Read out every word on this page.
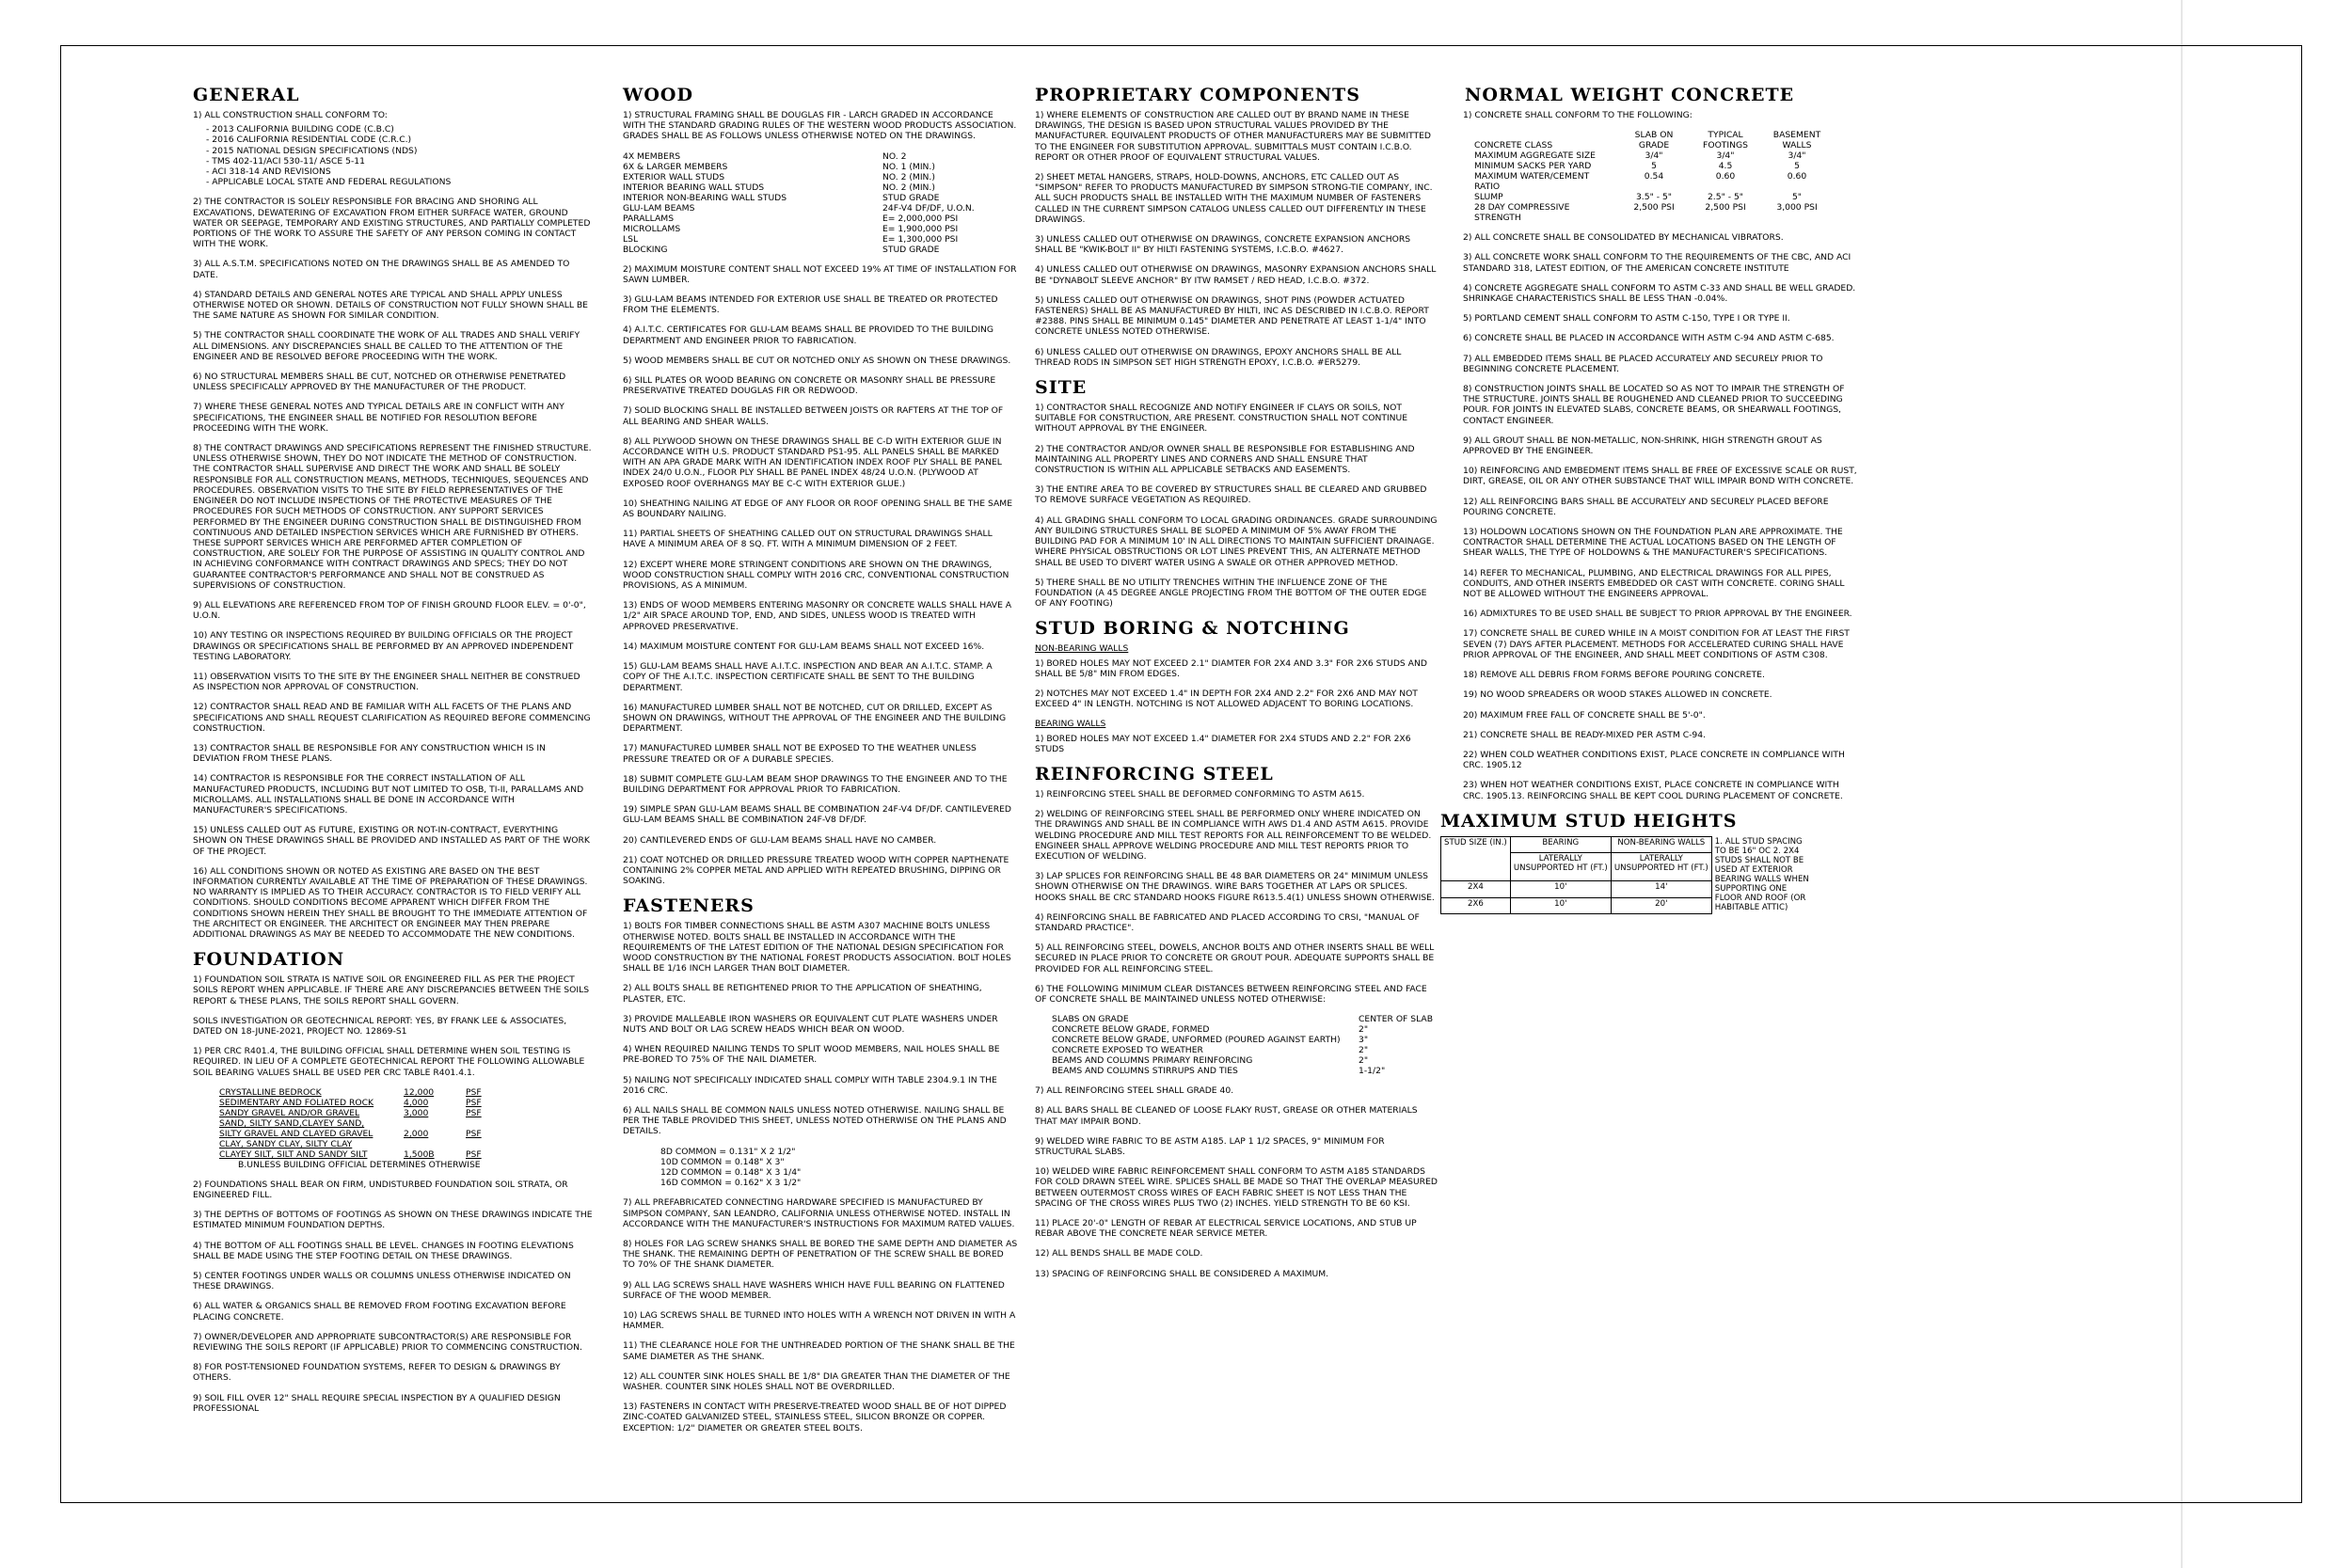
GENERAL

1) ALL CONSTRUCTION SHALL CONFORM TO:

- 2013 CALIFORNIA BUILDING CODE (C.B.C)
- 2016 CALIFORNIA RESIDENTIAL CODE (C.R.C.)
- 2015 NATIONAL DESIGN SPECIFICATIONS (NDS)
- TMS 402-11/ACI 530-11/ ASCE 5-11
- ACI 318-14 AND REVISIONS
- APPLICABLE LOCAL STATE AND FEDERAL REGULATIONS

2) THE CONTRACTOR IS SOLELY RESPONSIBLE FOR BRACING AND SHORING ALL EXCAVATIONS, DEWATERING OF EXCAVATION FROM EITHER SURFACE WATER, GROUND WATER OR SEEPAGE, TEMPORARY AND EXISTING STRUCTURES, AND PARTIALLY COMPLETED PORTIONS OF THE WORK TO ASSURE THE SAFETY OF ANY PERSON COMING IN CONTACT WITH THE WORK.

3) ALL A.S.T.M. SPECIFICATIONS NOTED ON THE DRAWINGS SHALL BE AS AMENDED TO DATE.

4) STANDARD DETAILS AND GENERAL NOTES ARE TYPICAL AND SHALL APPLY UNLESS OTHERWISE NOTED OR SHOWN. DETAILS OF CONSTRUCTION NOT FULLY SHOWN SHALL BE THE SAME NATURE AS SHOWN FOR SIMILAR CONDITION.

5) THE CONTRACTOR SHALL COORDINATE THE WORK OF ALL TRADES AND SHALL VERIFY ALL DIMENSIONS. ANY DISCREPANCIES SHALL BE CALLED TO THE ATTENTION OF THE ENGINEER AND BE RESOLVED BEFORE PROCEEDING WITH THE WORK.

6) NO STRUCTURAL MEMBERS SHALL BE CUT, NOTCHED OR OTHERWISE PENETRATED UNLESS SPECIFICALLY APPROVED BY THE MANUFACTURER OF THE PRODUCT.

7) WHERE THESE GENERAL NOTES AND TYPICAL DETAILS ARE IN CONFLICT WITH ANY SPECIFICATIONS, THE ENGINEER SHALL BE NOTIFIED FOR RESOLUTION BEFORE PROCEEDING WITH THE WORK.

8) THE CONTRACT DRAWINGS AND SPECIFICATIONS REPRESENT THE FINISHED STRUCTURE. UNLESS OTHERWISE SHOWN, THEY DO NOT INDICATE THE METHOD OF CONSTRUCTION. THE CONTRACTOR SHALL SUPERVISE AND DIRECT THE WORK AND SHALL BE SOLELY RESPONSIBLE FOR ALL CONSTRUCTION MEANS, METHODS, TECHNIQUES, SEQUENCES AND PROCEDURES. OBSERVATION VISITS TO THE SITE BY FIELD REPRESENTATIVES OF THE ENGINEER DO NOT INCLUDE INSPECTIONS OF THE PROTECTIVE MEASURES OF THE PROCEDURES FOR SUCH METHODS OF CONSTRUCTION. ANY SUPPORT SERVICES PERFORMED BY THE ENGINEER DURING CONSTRUCTION SHALL BE DISTINGUISHED FROM CONTINUOUS AND DETAILED INSPECTION SERVICES WHICH ARE FURNISHED BY OTHERS. THESE SUPPORT SERVICES WHICH ARE PERFORMED AFTER COMPLETION OF CONSTRUCTION, ARE SOLELY FOR THE PURPOSE OF ASSISTING IN QUALITY CONTROL AND IN ACHIEVING CONFORMANCE WITH CONTRACT DRAWINGS AND SPECS; THEY DO NOT GUARANTEE CONTRACTOR'S PERFORMANCE AND SHALL NOT BE CONSTRUED AS SUPERVISIONS OF CONSTRUCTION.

9) ALL ELEVATIONS ARE REFERENCED FROM TOP OF FINISH GROUND FLOOR ELEV. = 0'-0", U.O.N.

10) ANY TESTING OR INSPECTIONS REQUIRED BY BUILDING OFFICIALS OR THE PROJECT DRAWINGS OR SPECIFICATIONS SHALL BE PERFORMED BY AN APPROVED INDEPENDENT TESTING LABORATORY.

11) OBSERVATION VISITS TO THE SITE BY THE ENGINEER SHALL NEITHER BE CONSTRUED AS INSPECTION NOR APPROVAL OF CONSTRUCTION.

12) CONTRACTOR SHALL READ AND BE FAMILIAR WITH ALL FACETS OF THE PLANS AND SPECIFICATIONS AND SHALL REQUEST CLARIFICATION AS REQUIRED BEFORE COMMENCING CONSTRUCTION.

13) CONTRACTOR SHALL BE RESPONSIBLE FOR ANY CONSTRUCTION WHICH IS IN DEVIATION FROM THESE PLANS.

14) CONTRACTOR IS RESPONSIBLE FOR THE CORRECT INSTALLATION OF ALL MANUFACTURED PRODUCTS, INCLUDING BUT NOT LIMITED TO OSB, TI-II, PARALLAMS AND MICROLLAMS. ALL INSTALLATIONS SHALL BE DONE IN ACCORDANCE WITH MANUFACTURER'S SPECIFICATIONS.

15) UNLESS CALLED OUT AS FUTURE, EXISTING OR NOT-IN-CONTRACT, EVERYTHING SHOWN ON THESE DRAWINGS SHALL BE PROVIDED AND INSTALLED AS PART OF THE WORK OF THE PROJECT.

16) ALL CONDITIONS SHOWN OR NOTED AS EXISTING ARE BASED ON THE BEST INFORMATION CURRENTLY AVAILABLE AT THE TIME OF PREPARATION OF THESE DRAWINGS. NO WARRANTY IS IMPLIED AS TO THEIR ACCURACY. CONTRACTOR IS TO FIELD VERIFY ALL CONDITIONS. SHOULD CONDITIONS BECOME APPARENT WHICH DIFFER FROM THE CONDITIONS SHOWN HEREIN THEY SHALL BE BROUGHT TO THE IMMEDIATE ATTENTION OF THE ARCHITECT OR ENGINEER. THE ARCHITECT OR ENGINEER MAY THEN PREPARE ADDITIONAL DRAWINGS AS MAY BE NEEDED TO ACCOMMODATE THE NEW CONDITIONS.

FOUNDATION

1) FOUNDATION SOIL STRATA IS NATIVE SOIL OR ENGINEERED FILL AS PER THE PROJECT SOILS REPORT WHEN APPLICABLE. IF THERE ARE ANY DISCREPANCIES BETWEEN THE SOILS REPORT & THESE PLANS, THE SOILS REPORT SHALL GOVERN.

SOILS INVESTIGATION OR GEOTECHNICAL REPORT: YES, BY FRANK LEE & ASSOCIATES, DATED ON 18-JUNE-2021, PROJECT NO. 12869-S1

1) PER CRC R401.4, THE BUILDING OFFICIAL SHALL DETERMINE WHEN SOIL TESTING IS REQUIRED. IN LIEU OF A COMPLETE GEOTECHNICAL REPORT THE FOLLOWING ALLOWABLE SOIL BEARING VALUES SHALL BE USED PER CRC TABLE R401.4.1.

CRYSTALLINE BEDROCK	12,000	PSF
SEDIMENTARY AND FOLIATED ROCK	4,000	PSF
SANDY GRAVEL AND/OR GRAVEL	3,000	PSF
SAND, SILTY SAND,CLAYEY SAND,		
SILTY GRAVEL AND CLAYED GRAVEL	2,000	PSF
CLAY, SANDY CLAY, SILTY CLAY		
CLAYEY SILT, SILT AND SANDY SILT	1,500B	PSF
B.UNLESS BUILDING OFFICIAL DETERMINES OTHERWISE		

2) FOUNDATIONS SHALL BEAR ON FIRM, UNDISTURBED FOUNDATION SOIL STRATA, OR ENGINEERED FILL.

3) THE DEPTHS OF BOTTOMS OF FOOTINGS AS SHOWN ON THESE DRAWINGS INDICATE THE ESTIMATED MINIMUM FOUNDATION DEPTHS.

4) THE BOTTOM OF ALL FOOTINGS SHALL BE LEVEL. CHANGES IN FOOTING ELEVATIONS SHALL BE MADE USING THE STEP FOOTING DETAIL ON THESE DRAWINGS.

5) CENTER FOOTINGS UNDER WALLS OR COLUMNS UNLESS OTHERWISE INDICATED ON THESE DRAWINGS.

6) ALL WATER & ORGANICS SHALL BE REMOVED FROM FOOTING EXCAVATION BEFORE PLACING CONCRETE.

7) OWNER/DEVELOPER AND APPROPRIATE SUBCONTRACTOR(S) ARE RESPONSIBLE FOR REVIEWING THE SOILS REPORT (IF APPLICABLE) PRIOR TO COMMENCING CONSTRUCTION.

8) FOR POST-TENSIONED FOUNDATION SYSTEMS, REFER TO DESIGN & DRAWINGS BY OTHERS.

9) SOIL FILL OVER 12" SHALL REQUIRE SPECIAL INSPECTION BY A QUALIFIED DESIGN PROFESSIONAL

WOOD

1) STRUCTURAL FRAMING SHALL BE DOUGLAS FIR - LARCH GRADED IN ACCORDANCE WITH THE STANDARD GRADING RULES OF THE WESTERN WOOD PRODUCTS ASSOCIATION. GRADES SHALL BE AS FOLLOWS UNLESS OTHERWISE NOTED ON THE DRAWINGS.

4X MEMBERS	NO. 2
6X & LARGER MEMBERS	NO. 1 (MIN.)
EXTERIOR WALL STUDS	NO. 2 (MIN.)
INTERIOR BEARING WALL STUDS	NO. 2 (MIN.)
INTERIOR NON-BEARING WALL STUDS	STUD GRADE
GLU-LAM BEAMS	24F-V4 DF/DF, U.O.N.
PARALLAMS	E= 2,000,000 PSI
MICROLLAMS	E= 1,900,000 PSI
LSL	E= 1,300,000 PSI
BLOCKING	STUD GRADE

2) MAXIMUM MOISTURE CONTENT SHALL NOT EXCEED 19% AT TIME OF INSTALLATION FOR SAWN LUMBER.

3) GLU-LAM BEAMS INTENDED FOR EXTERIOR USE SHALL BE TREATED OR PROTECTED FROM THE ELEMENTS.

4) A.I.T.C. CERTIFICATES FOR GLU-LAM BEAMS SHALL BE PROVIDED TO THE BUILDING DEPARTMENT AND ENGINEER PRIOR TO FABRICATION.

5) WOOD MEMBERS SHALL BE CUT OR NOTCHED ONLY AS SHOWN ON THESE DRAWINGS.

6) SILL PLATES OR WOOD BEARING ON CONCRETE OR MASONRY SHALL BE PRESSURE PRESERVATIVE TREATED DOUGLAS FIR OR REDWOOD.

7) SOLID BLOCKING SHALL BE INSTALLED BETWEEN JOISTS OR RAFTERS AT THE TOP OF ALL BEARING AND SHEAR WALLS.

8) ALL PLYWOOD SHOWN ON THESE DRAWINGS SHALL BE C-D WITH EXTERIOR GLUE IN ACCORDANCE WITH U.S. PRODUCT STANDARD PS1-95. ALL PANELS SHALL BE MARKED WITH AN APA GRADE MARK WITH AN IDENTIFICATION INDEX ROOF PLY SHALL BE PANEL INDEX 24/0 U.O.N., FLOOR PLY SHALL BE PANEL INDEX 48/24 U.O.N. (PLYWOOD AT EXPOSED ROOF OVERHANGS MAY BE C-C WITH EXTERIOR GLUE.)

10) SHEATHING NAILING AT EDGE OF ANY FLOOR OR ROOF OPENING SHALL BE THE SAME AS BOUNDARY NAILING.

11) PARTIAL SHEETS OF SHEATHING CALLED OUT ON STRUCTURAL DRAWINGS SHALL HAVE A MINIMUM AREA OF 8 SQ. FT. WITH A MINIMUM DIMENSION OF 2 FEET.

12) EXCEPT WHERE MORE STRINGENT CONDITIONS ARE SHOWN ON THE DRAWINGS, WOOD CONSTRUCTION SHALL COMPLY WITH 2016 CRC, CONVENTIONAL CONSTRUCTION PROVISIONS, AS A MINIMUM.

13) ENDS OF WOOD MEMBERS ENTERING MASONRY OR CONCRETE WALLS SHALL HAVE A 1/2" AIR SPACE AROUND TOP, END, AND SIDES, UNLESS WOOD IS TREATED WITH APPROVED PRESERVATIVE.

14) MAXIMUM MOISTURE CONTENT FOR GLU-LAM BEAMS SHALL NOT EXCEED 16%.

15) GLU-LAM BEAMS SHALL HAVE A.I.T.C. INSPECTION AND BEAR AN A.I.T.C. STAMP. A COPY OF THE A.I.T.C. INSPECTION CERTIFICATE SHALL BE SENT TO THE BUILDING DEPARTMENT.

16) MANUFACTURED LUMBER SHALL NOT BE NOTCHED, CUT OR DRILLED, EXCEPT AS SHOWN ON DRAWINGS, WITHOUT THE APPROVAL OF THE ENGINEER AND THE BUILDING DEPARTMENT.

17) MANUFACTURED LUMBER SHALL NOT BE EXPOSED TO THE WEATHER UNLESS PRESSURE TREATED OR OF A DURABLE SPECIES.

18) SUBMIT COMPLETE GLU-LAM BEAM SHOP DRAWINGS TO THE ENGINEER AND TO THE BUILDING DEPARTMENT FOR APPROVAL PRIOR TO FABRICATION.

19) SIMPLE SPAN GLU-LAM BEAMS SHALL BE COMBINATION 24F-V4 DF/DF. CANTILEVERED GLU-LAM BEAMS SHALL BE COMBINATION 24F-V8 DF/DF.

20) CANTILEVERED ENDS OF GLU-LAM BEAMS SHALL HAVE NO CAMBER.

21) COAT NOTCHED OR DRILLED PRESSURE TREATED WOOD WITH COPPER NAPTHENATE CONTAINING 2% COPPER METAL AND APPLIED WITH REPEATED BRUSHING, DIPPING OR SOAKING.

FASTENERS

1) BOLTS FOR TIMBER CONNECTIONS SHALL BE ASTM A307 MACHINE BOLTS UNLESS OTHERWISE NOTED. BOLTS SHALL BE INSTALLED IN ACCORDANCE WITH THE REQUIREMENTS OF THE LATEST EDITION OF THE NATIONAL DESIGN SPECIFICATION FOR WOOD CONSTRUCTION BY THE NATIONAL FOREST PRODUCTS ASSOCIATION. BOLT HOLES SHALL BE 1/16 INCH LARGER THAN BOLT DIAMETER.

2) ALL BOLTS SHALL BE RETIGHTENED PRIOR TO THE APPLICATION OF SHEATHING, PLASTER, ETC.

3) PROVIDE MALLEABLE IRON WASHERS OR EQUIVALENT CUT PLATE WASHERS UNDER NUTS AND BOLT OR LAG SCREW HEADS WHICH BEAR ON WOOD.

4) WHEN REQUIRED NAILING TENDS TO SPLIT WOOD MEMBERS, NAIL HOLES SHALL BE PRE-BORED TO 75% OF THE NAIL DIAMETER.

5) NAILING NOT SPECIFICALLY INDICATED SHALL COMPLY WITH TABLE 2304.9.1 IN THE 2016 CRC.

6) ALL NAILS SHALL BE COMMON NAILS UNLESS NOTED OTHERWISE. NAILING SHALL BE PER THE TABLE PROVIDED THIS SHEET, UNLESS NOTED OTHERWISE ON THE PLANS AND DETAILS.

8D COMMON = 0.131" X 2 1/2"
10D COMMON = 0.148" X 3"
12D COMMON = 0.148" X 3 1/4"
16D COMMON = 0.162" X 3 1/2"

7) ALL PREFABRICATED CONNECTING HARDWARE SPECIFIED IS MANUFACTURED BY SIMPSON COMPANY, SAN LEANDRO, CALIFORNIA UNLESS OTHERWISE NOTED. INSTALL IN ACCORDANCE WITH THE MANUFACTURER'S INSTRUCTIONS FOR MAXIMUM RATED VALUES.

8) HOLES FOR LAG SCREW SHANKS SHALL BE BORED THE SAME DEPTH AND DIAMETER AS THE SHANK. THE REMAINING DEPTH OF PENETRATION OF THE SCREW SHALL BE BORED TO 70% OF THE SHANK DIAMETER.

9) ALL LAG SCREWS SHALL HAVE WASHERS WHICH HAVE FULL BEARING ON FLATTENED SURFACE OF THE WOOD MEMBER.

10) LAG SCREWS SHALL BE TURNED INTO HOLES WITH A WRENCH NOT DRIVEN IN WITH A HAMMER.

11) THE CLEARANCE HOLE FOR THE UNTHREADED PORTION OF THE SHANK SHALL BE THE SAME DIAMETER AS THE SHANK.

12) ALL COUNTER SINK HOLES SHALL BE 1/8" DIA GREATER THAN THE DIAMETER OF THE WASHER. COUNTER SINK HOLES SHALL NOT BE OVERDRILLED.

13) FASTENERS IN CONTACT WITH PRESERVE-TREATED WOOD SHALL BE OF HOT DIPPED ZINC-COATED GALVANIZED STEEL, STAINLESS STEEL, SILICON BRONZE OR COPPER. EXCEPTION: 1/2" DIAMETER OR GREATER STEEL BOLTS.

PROPRIETARY COMPONENTS

1) WHERE ELEMENTS OF CONSTRUCTION ARE CALLED OUT BY BRAND NAME IN THESE DRAWINGS, THE DESIGN IS BASED UPON STRUCTURAL VALUES PROVIDED BY THE MANUFACTURER. EQUIVALENT PRODUCTS OF OTHER MANUFACTURERS MAY BE SUBMITTED TO THE ENGINEER FOR SUBSTITUTION APPROVAL. SUBMITTALS MUST CONTAIN I.C.B.O. REPORT OR OTHER PROOF OF EQUIVALENT STRUCTURAL VALUES.

2) SHEET METAL HANGERS, STRAPS, HOLD-DOWNS, ANCHORS, ETC CALLED OUT AS "SIMPSON" REFER TO PRODUCTS MANUFACTURED BY SIMPSON STRONG-TIE COMPANY, INC. ALL SUCH PRODUCTS SHALL BE INSTALLED WITH THE MAXIMUM NUMBER OF FASTENERS CALLED IN THE CURRENT SIMPSON CATALOG UNLESS CALLED OUT DIFFERENTLY IN THESE DRAWINGS.

3) UNLESS CALLED OUT OTHERWISE ON DRAWINGS, CONCRETE EXPANSION ANCHORS SHALL BE "KWIK-BOLT II" BY HILTI FASTENING SYSTEMS, I.C.B.O. #4627.

4) UNLESS CALLED OUT OTHERWISE ON DRAWINGS, MASONRY EXPANSION ANCHORS SHALL BE "DYNABOLT SLEEVE ANCHOR" BY ITW RAMSET / RED HEAD, I.C.B.O. #372.

5) UNLESS CALLED OUT OTHERWISE ON DRAWINGS, SHOT PINS (POWDER ACTUATED FASTENERS) SHALL BE AS MANUFACTURED BY HILTI, INC AS DESCRIBED IN I.C.B.O. REPORT #2388. PINS SHALL BE MINIMUM 0.145" DIAMETER AND PENETRATE AT LEAST 1-1/4" INTO CONCRETE UNLESS NOTED OTHERWISE.

6) UNLESS CALLED OUT OTHERWISE ON DRAWINGS, EPOXY ANCHORS SHALL BE ALL THREAD RODS IN SIMPSON SET HIGH STRENGTH EPOXY, I.C.B.O. #ER5279.

SITE

1) CONTRACTOR SHALL RECOGNIZE AND NOTIFY ENGINEER IF CLAYS OR SOILS, NOT SUITABLE FOR CONSTRUCTION, ARE PRESENT. CONSTRUCTION SHALL NOT CONTINUE WITHOUT APPROVAL BY THE ENGINEER.

2) THE CONTRACTOR AND/OR OWNER SHALL BE RESPONSIBLE FOR ESTABLISHING AND MAINTAINING ALL PROPERTY LINES AND CORNERS AND SHALL ENSURE THAT CONSTRUCTION IS WITHIN ALL APPLICABLE SETBACKS AND EASEMENTS.

3) THE ENTIRE AREA TO BE COVERED BY STRUCTURES SHALL BE CLEARED AND GRUBBED TO REMOVE SURFACE VEGETATION AS REQUIRED.

4) ALL GRADING SHALL CONFORM TO LOCAL GRADING ORDINANCES. GRADE SURROUNDING ANY BUILDING STRUCTURES SHALL BE SLOPED A MINIMUM OF 5% AWAY FROM THE BUILDING PAD FOR A MINIMUM 10' IN ALL DIRECTIONS TO MAINTAIN SUFFICIENT DRAINAGE. WHERE PHYSICAL OBSTRUCTIONS OR LOT LINES PREVENT THIS, AN ALTERNATE METHOD SHALL BE USED TO DIVERT WATER USING A SWALE OR OTHER APPROVED METHOD.

5) THERE SHALL BE NO UTILITY TRENCHES WITHIN THE INFLUENCE ZONE OF THE FOUNDATION (A 45 DEGREE ANGLE PROJECTING FROM THE BOTTOM OF THE OUTER EDGE OF ANY FOOTING)

STUD BORING & NOTCHING

NON-BEARING WALLS

1) BORED HOLES MAY NOT EXCEED 2.1" DIAMTER FOR 2X4 AND 3.3" FOR 2X6 STUDS AND SHALL BE 5/8" MIN FROM EDGES.

2) NOTCHES MAY NOT EXCEED 1.4" IN DEPTH FOR 2X4 AND 2.2" FOR 2X6 AND MAY NOT EXCEED 4" IN LENGTH. NOTCHING IS NOT ALLOWED ADJACENT TO BORING LOCATIONS.

BEARING WALLS

1) BORED HOLES MAY NOT EXCEED 1.4" DIAMETER FOR 2X4 STUDS AND 2.2" FOR 2X6 STUDS

REINFORCING STEEL

1) REINFORCING STEEL SHALL BE DEFORMED CONFORMING TO ASTM A615.

2) WELDING OF REINFORCING STEEL SHALL BE PERFORMED ONLY WHERE INDICATED ON THE DRAWINGS AND SHALL BE IN COMPLIANCE WITH AWS D1.4 AND ASTM A615. PROVIDE WELDING PROCEDURE AND MILL TEST REPORTS FOR ALL REINFORCEMENT TO BE WELDED. ENGINEER SHALL APPROVE WELDING PROCEDURE AND MILL TEST REPORTS PRIOR TO EXECUTION OF WELDING.

3) LAP SPLICES FOR REINFORCING SHALL BE 48 BAR DIAMETERS OR 24" MINIMUM UNLESS SHOWN OTHERWISE ON THE DRAWINGS. WIRE BARS TOGETHER AT LAPS OR SPLICES. HOOKS SHALL BE CRC STANDARD HOOKS FIGURE R613.5.4(1) UNLESS SHOWN OTHERWISE.

4) REINFORCING SHALL BE FABRICATED AND PLACED ACCORDING TO CRSI, "MANUAL OF STANDARD PRACTICE".

5) ALL REINFORCING STEEL, DOWELS, ANCHOR BOLTS AND OTHER INSERTS SHALL BE WELL SECURED IN PLACE PRIOR TO CONCRETE OR GROUT POUR. ADEQUATE SUPPORTS SHALL BE PROVIDED FOR ALL REINFORCING STEEL.

6) THE FOLLOWING MINIMUM CLEAR DISTANCES BETWEEN REINFORCING STEEL AND FACE OF CONCRETE SHALL BE MAINTAINED UNLESS NOTED OTHERWISE:

SLABS ON GRADE	CENTER OF SLAB
CONCRETE BELOW GRADE, FORMED	2"
CONCRETE BELOW GRADE, UNFORMED (POURED AGAINST EARTH)	3"
CONCRETE EXPOSED TO WEATHER	2"
BEAMS AND COLUMNS PRIMARY REINFORCING	2"
BEAMS AND COLUMNS STIRRUPS AND TIES	1-1/2"

7) ALL REINFORCING STEEL SHALL GRADE 40.

8) ALL BARS SHALL BE CLEANED OF LOOSE FLAKY RUST, GREASE OR OTHER MATERIALS THAT MAY IMPAIR BOND.

9) WELDED WIRE FABRIC TO BE ASTM A185. LAP 1 1/2 SPACES, 9" MINIMUM FOR STRUCTURAL SLABS.

10) WELDED WIRE FABRIC REINFORCEMENT SHALL CONFORM TO ASTM A185 STANDARDS FOR COLD DRAWN STEEL WIRE. SPLICES SHALL BE MADE SO THAT THE OVERLAP MEASURED BETWEEN OUTERMOST CROSS WIRES OF EACH FABRIC SHEET IS NOT LESS THAN THE SPACING OF THE CROSS WIRES PLUS TWO (2) INCHES. YIELD STRENGTH TO BE 60 KSI.

11) PLACE 20'-0" LENGTH OF REBAR AT ELECTRICAL SERVICE LOCATIONS, AND STUB UP REBAR ABOVE THE CONCRETE NEAR SERVICE METER.

12) ALL BENDS SHALL BE MADE COLD.

13) SPACING OF REINFORCING SHALL BE CONSIDERED A MAXIMUM.

NORMAL WEIGHT CONCRETE

1) CONCRETE SHALL CONFORM TO THE FOLLOWING:

CONCRETE CLASS	SLAB ON GRADE	TYPICAL FOOTINGS	BASEMENT WALLS
MAXIMUM AGGREGATE SIZE	3/4"	3/4"	3/4"
MINIMUM SACKS PER YARD	5	4.5	5
MAXIMUM WATER/CEMENT RATIO	0.54	0.60	0.60
SLUMP	3.5" - 5"	2.5" - 5"	5"
28 DAY COMPRESSIVE STRENGTH	2,500 PSI	2,500 PSI	3,000 PSI

2) ALL CONCRETE SHALL BE CONSOLIDATED BY MECHANICAL VIBRATORS.

3) ALL CONCRETE WORK SHALL CONFORM TO THE REQUIREMENTS OF THE CBC, AND ACI STANDARD 318, LATEST EDITION, OF THE AMERICAN CONCRETE INSTITUTE

4) CONCRETE AGGREGATE SHALL CONFORM TO ASTM C-33 AND SHALL BE WELL GRADED. SHRINKAGE CHARACTERISTICS SHALL BE LESS THAN -0.04%.

5) PORTLAND CEMENT SHALL CONFORM TO ASTM C-150, TYPE I OR TYPE II.

6) CONCRETE SHALL BE PLACED IN ACCORDANCE WITH ASTM C-94 AND ASTM C-685.

7) ALL EMBEDDED ITEMS SHALL BE PLACED ACCURATELY AND SECURELY PRIOR TO BEGINNING CONCRETE PLACEMENT.

8) CONSTRUCTION JOINTS SHALL BE LOCATED SO AS NOT TO IMPAIR THE STRENGTH OF THE STRUCTURE. JOINTS SHALL BE ROUGHENED AND CLEANED PRIOR TO SUCCEEDING POUR. FOR JOINTS IN ELEVATED SLABS, CONCRETE BEAMS, OR SHEARWALL FOOTINGS, CONTACT ENGINEER.

9) ALL GROUT SHALL BE NON-METALLIC, NON-SHRINK, HIGH STRENGTH GROUT AS APPROVED BY THE ENGINEER.

10) REINFORCING AND EMBEDMENT ITEMS SHALL BE FREE OF EXCESSIVE SCALE OR RUST, DIRT, GREASE, OIL OR ANY OTHER SUBSTANCE THAT WILL IMPAIR BOND WITH CONCRETE.

12) ALL REINFORCING BARS SHALL BE ACCURATELY AND SECURELY PLACED BEFORE POURING CONCRETE.

13) HOLDOWN LOCATIONS SHOWN ON THE FOUNDATION PLAN ARE APPROXIMATE. THE CONTRACTOR SHALL DETERMINE THE ACTUAL LOCATIONS BASED ON THE LENGTH OF SHEAR WALLS, THE TYPE OF HOLDOWNS & THE MANUFACTURER'S SPECIFICATIONS.

14) REFER TO MECHANICAL, PLUMBING, AND ELECTRICAL DRAWINGS FOR ALL PIPES, CONDUITS, AND OTHER INSERTS EMBEDDED OR CAST WITH CONCRETE. CORING SHALL NOT BE ALLOWED WITHOUT THE ENGINEERS APPROVAL.

16) ADMIXTURES TO BE USED SHALL BE SUBJECT TO PRIOR APPROVAL BY THE ENGINEER.

17) CONCRETE SHALL BE CURED WHILE IN A MOIST CONDITION FOR AT LEAST THE FIRST SEVEN (7) DAYS AFTER PLACEMENT. METHODS FOR ACCELERATED CURING SHALL HAVE PRIOR APPROVAL OF THE ENGINEER, AND SHALL MEET CONDITIONS OF ASTM C308.

18) REMOVE ALL DEBRIS FROM FORMS BEFORE POURING CONCRETE.

19) NO WOOD SPREADERS OR WOOD STAKES ALLOWED IN CONCRETE.

20) MAXIMUM FREE FALL OF CONCRETE SHALL BE 5'-0".

21) CONCRETE SHALL BE READY-MIXED PER ASTM C-94.

22) WHEN COLD WEATHER CONDITIONS EXIST, PLACE CONCRETE IN COMPLIANCE WITH CRC. 1905.12

23) WHEN HOT WEATHER CONDITIONS EXIST, PLACE CONCRETE IN COMPLIANCE WITH CRC. 1905.13. REINFORCING SHALL BE KEPT COOL DURING PLACEMENT OF CONCRETE.

MAXIMUM STUD HEIGHTS
STUD SIZE (IN.)	BEARING	NON-BEARING WALLS	1. ALL STUD SPACING TO BE 16" OC 2. 2X4 STUDS SHALL NOT BE USED AT EXTERIOR BEARING WALLS WHEN SUPPORTING ONE FLOOR AND ROOF (OR HABITABLE ATTIC)
	LATERALLY UNSUPPORTED HT (FT.)	LATERALLY UNSUPPORTED HT (FT.)	
2X4	10'	14'	
2X6	10'	20'	
